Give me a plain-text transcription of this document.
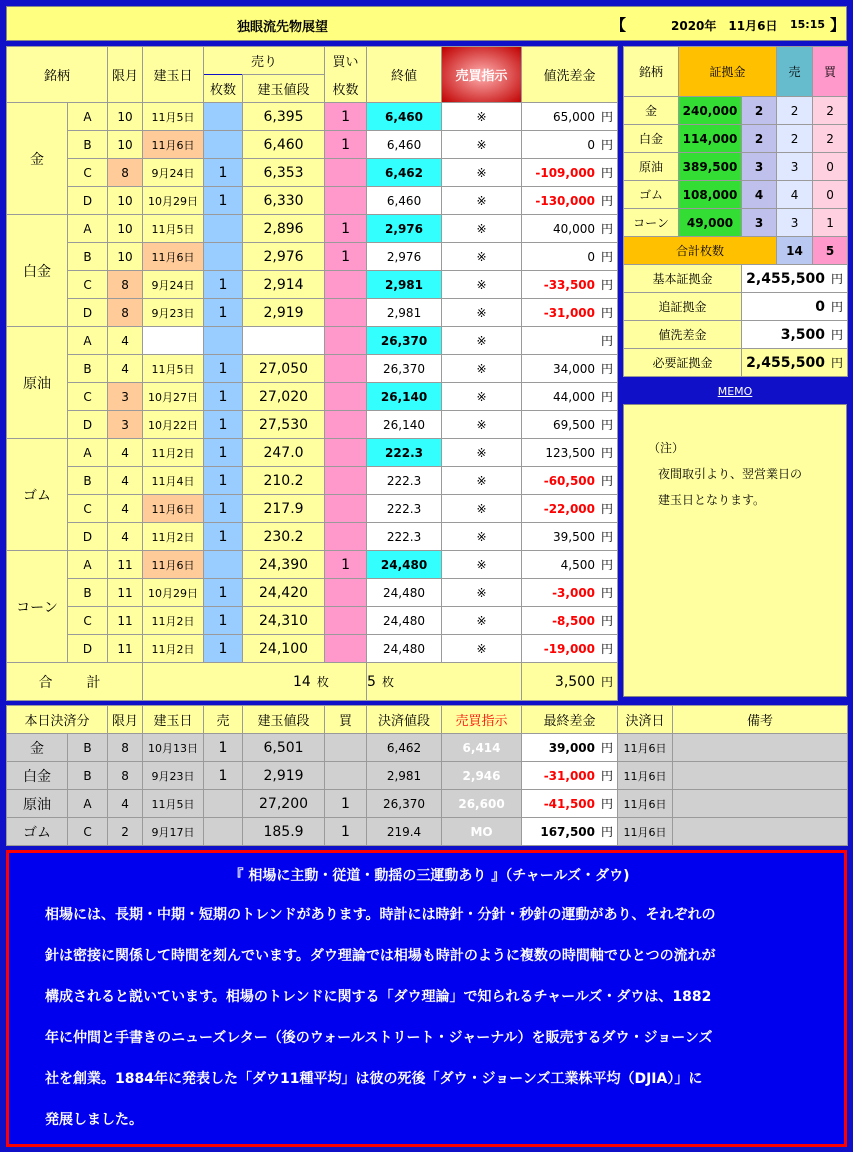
独眼流先物展望	【	2020年　11月6日 15:15 】
銘柄		限月	建玉日	売り		買い	終値	売買指示	値洗差金
				枚数	建玉値段	枚数			
金	A	10	11月5日		6,395	1	6,460	※	65,000 円
	B	10	11月6日		6,460	1	6,460	※	0 円
	C	8	9月24日	1	6,353		6,462	※	-109,000 円
	D	10	10月29日	1	6,330		6,460	※	-130,000 円
白金	A	10	11月5日		2,896	1	2,976	※	40,000 円
	B	10	11月6日		2,976	1	2,976	※	0 円
	C	8	9月24日	1	2,914		2,981	※	-33,500 円
	D	8	9月23日	1	2,919		2,981	※	-31,000 円
原油	A	4					26,370	※	円
	B	4	11月5日	1	27,050		26,370	※	34,000 円
	C	3	10月27日	1	27,020		26,140	※	44,000 円
	D	3	10月22日	1	27,530		26,140	※	69,500 円
ゴム	A	4	11月2日	1	247.0		222.3	※	123,500 円
	B	4	11月4日	1	210.2		222.3	※	-60,500 円
	C	4	11月6日	1	217.9		222.3	※	-22,000 円
	D	4	11月2日	1	230.2		222.3	※	39,500 円
コーン	A	11	11月6日		24,390	1	24,480	※	4,500 円
	B	11	10月29日	1	24,420		24,480	※	-3,000 円
	C	11	11月2日	1	24,310		24,480	※	-8,500 円
	D	11	11月2日	1	24,100		24,480	※	-19,000 円
合　計			14 枚				5 枚		3,500 円
銘柄	証拠金		売	買
金	240,000	2	2	2
白金	114,000	2	2	2
原油	389,500	3	3	0
ゴム	108,000	4	4	0
コーン	49,000	3	3	1
合計枚数			14	5
基本証拠金		2,455,500 円		
追証拠金		0 円		
値洗差金		3,500 円		
必要証拠金		2,455,500 円		
MEMO
（注）
夜間取引より、翌営業日の
建玉日となります。
本日決済分		限月	建玉日	売	建玉値段	買	決済値段	売買指示	最終差金	決済日	備考
金	B	8	10月13日	1	6,501		6,462	6,414	39,000 円	11月6日	
白金	B	8	9月23日	1	2,919		2,981	2,946	-31,000 円	11月6日	
原油	A	4	11月5日		27,200	1	26,370	26,600	-41,500 円	11月6日	
ゴム	C	2	9月17日		185.9	1	219.4	MO	167,500 円	11月6日	
『 相場に主動・従道・動揺の三運動あり 』（チャールズ・ダウ)
相場には、長期・中期・短期のトレンドがあります。時計には時針・分針・秒針の運動があり、それぞれの
針は密接に関係して時間を刻んでいます。ダウ理論では相場も時計のように複数の時間軸でひとつの流れが
構成されると説いています。相場のトレンドに関する「ダウ理論」で知られるチャールズ・ダウは、1882
年に仲間と手書きのニューズレター（後のウォールストリート・ジャーナル）を販売するダウ・ジョーンズ
社を創業。1884年に発表した「ダウ11種平均」は彼の死後「ダウ・ジョーンズ工業株平均（DJIA）」に
発展しました。
